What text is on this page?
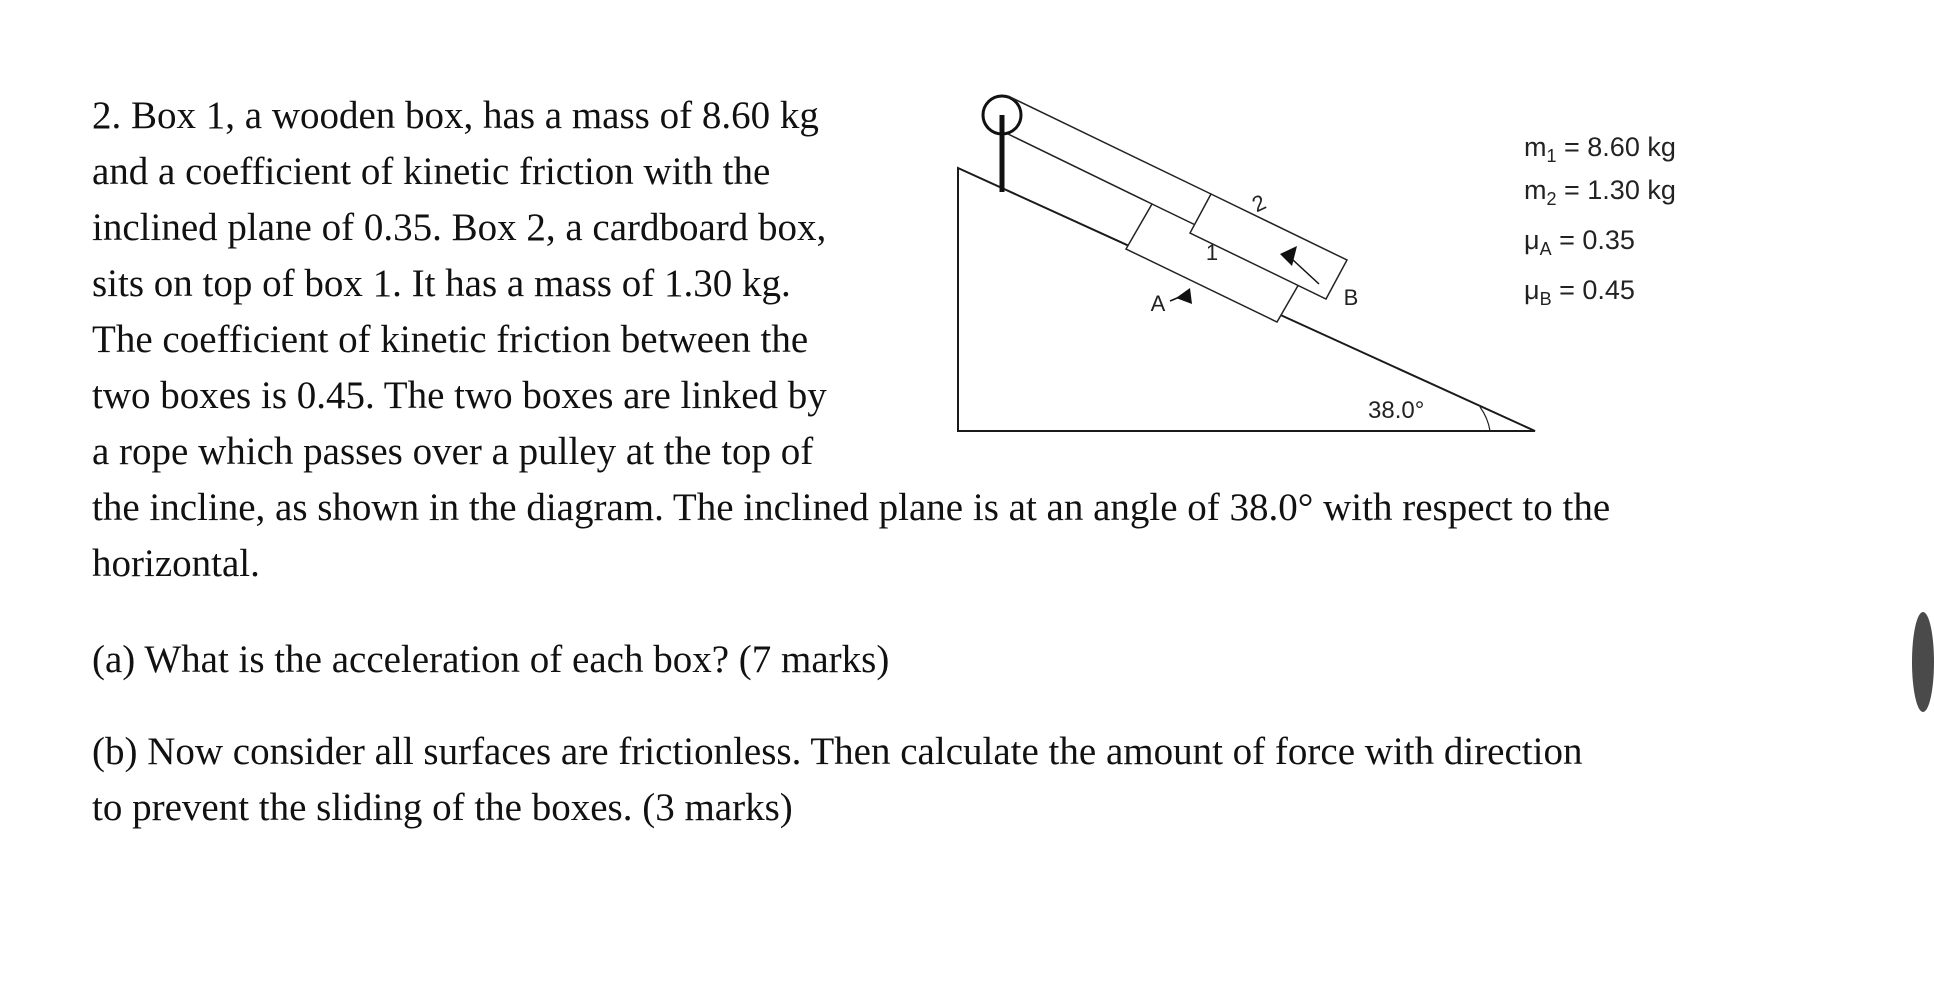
2. Box 1, a wooden box, has a mass of 8.60 kg

and a coefficient of kinetic friction with the

inclined plane of 0.35. Box 2, a cardboard box,

sits on top of box 1. It has a mass of 1.30 kg.

The coefficient of kinetic friction between the

two boxes is 0.45. The two boxes are linked by

a rope which passes over a pulley at the top of

the incline, as shown in the diagram. The inclined plane is at an angle of 38.0° with respect to the

horizontal.

(a) What is the acceleration of each box? (7 marks)

(b) Now consider all surfaces are frictionless. Then calculate the amount of force with direction

to prevent the sliding of the boxes. (3 marks)

1
2
A	B
38.0°
$m_1 = 8.60$ kg
$m_2 = 1.30$ kg
$\mu_A = 0.35$
$\mu_B = 0.45$
